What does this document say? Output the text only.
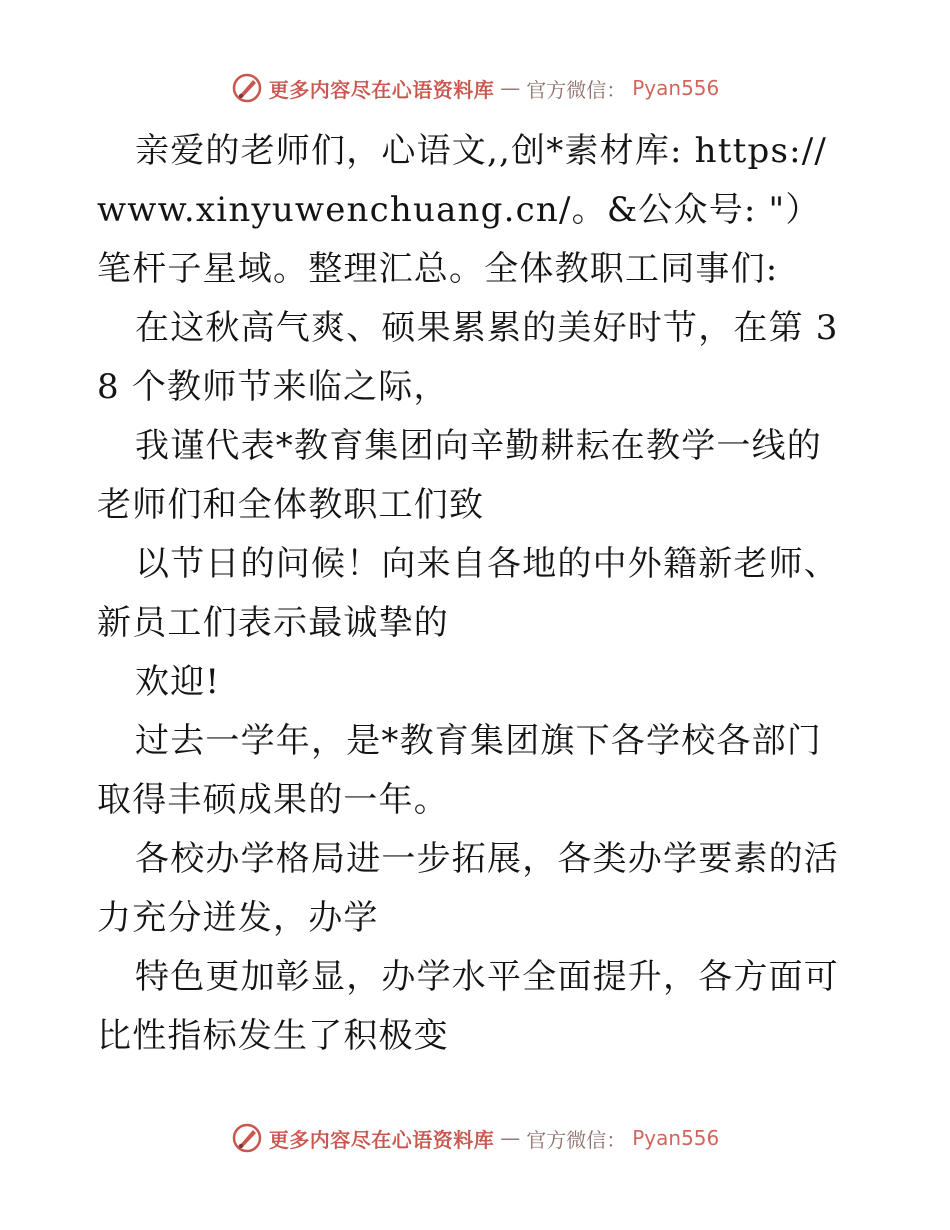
更多内容尽在心语资料库 — 官方微信： Pyan556

亲爱的老师们，心语文,,创*素材库: https://www.xinyuwenchuang.cn/。&公众号: "）笔杆子星域。整理汇总。全体教职工同事们:

在这秋高气爽、硕果累累的美好时节，在第 38 个教师节来临之际，

我谨代表*教育集团向辛勤耕耘在教学一线的老师们和全体教职工们致

以节日的问候！向来自各地的中外籍新老师、新员工们表示最诚挚的

欢迎!

过去一学年，是*教育集团旗下各学校各部门取得丰硕成果的一年。

各校办学格局进一步拓展，各类办学要素的活力充分迸发，办学

特色更加彰显，办学水平全面提升，各方面可比性指标发生了积极变

更多内容尽在心语资料库 — 官方微信： Pyan556
